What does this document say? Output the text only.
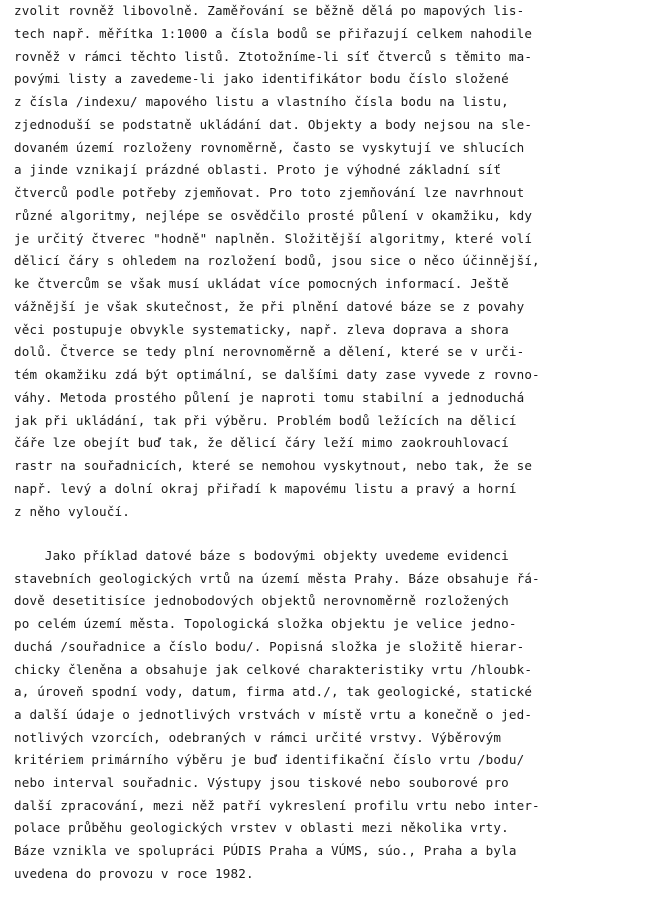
zvolit rovněž libovolně. Zaměřování se běžně dělá po mapových lis-
tech např. měřítka 1:1000 a čísla bodů se přiřazují celkem nahodile
rovněž v rámci těchto listů. Ztotožníme-li síť čtverců s těmito ma-
povými listy a zavedeme-li jako identifikátor bodu číslo složené
z čísla /indexu/ mapového listu a vlastního čísla bodu na listu,
zjednoduší se podstatně ukládání dat. Objekty a body nejsou na sle-
dovaném území rozloženy rovnoměrně, často se vyskytují ve shlucích
a jinde vznikají prázdné oblasti. Proto je výhodné základní síť
čtverců podle potřeby zjemňovat. Pro toto zjemňování lze navrhnout
různé algoritmy, nejlépe se osvědčilo prosté půlení v okamžiku, kdy
je určitý čtverec "hodně" naplněn. Složitější algoritmy, které volí
dělicí čáry s ohledem na rozložení bodů, jsou sice o něco účinnější,
ke čtvercům se však musí ukládat více pomocných informací. Ještě
vážnější je však skutečnost, že při plnění datové báze se z povahy
věci postupuje obvykle systematicky, např. zleva doprava a shora
dolů. Čtverce se tedy plní nerovnoměrně a dělení, které se v urči-
tém okamžiku zdá být optimální, se dalšími daty zase vyvede z rovno-
váhy. Metoda prostého půlení je naproti tomu stabilní a jednoduchá
jak při ukládání, tak při výběru. Problém bodů ležících na dělicí
čáře lze obejít buď tak, že dělicí čáry leží mimo zaokrouhlovací
rastr na souřadnicích, které se nemohou vyskytnout, nebo tak, že se
např. levý a dolní okraj přiřadí k mapovému listu a pravý a horní
z něho vyloučí.
Jako příklad datové báze s bodovými objekty uvedeme evidenci
stavebních geologických vrtů na území města Prahy. Báze obsahuje řá-
dově desetitisíce jednobodových objektů nerovnoměrně rozložených
po celém území města. Topologická složka objektu je velice jedno-
duchá /souřadnice a číslo bodu/. Popisná složka je složitě hierar-
chicky členěna a obsahuje jak celkové charakteristiky vrtu /hloubk-
a, úroveň spodní vody, datum, firma atd./, tak geologické, statické
a další údaje o jednotlivých vrstvách v místě vrtu a konečně o jed-
notlivých vzorcích, odebraných v rámci určité vrstvy. Výběrovým
kritériem primárního výběru je buď identifikační číslo vrtu /bodu/
nebo interval souřadnic. Výstupy jsou tiskové nebo souborové pro
další zpracování, mezi něž patří vykreslení profilu vrtu nebo inter-
polace průběhu geologických vrstev v oblasti mezi několika vrty.
Báze vznikla ve spolupráci PÚDIS Praha a VÚMS, súo., Praha a byla
uvedena do provozu v roce 1982.
